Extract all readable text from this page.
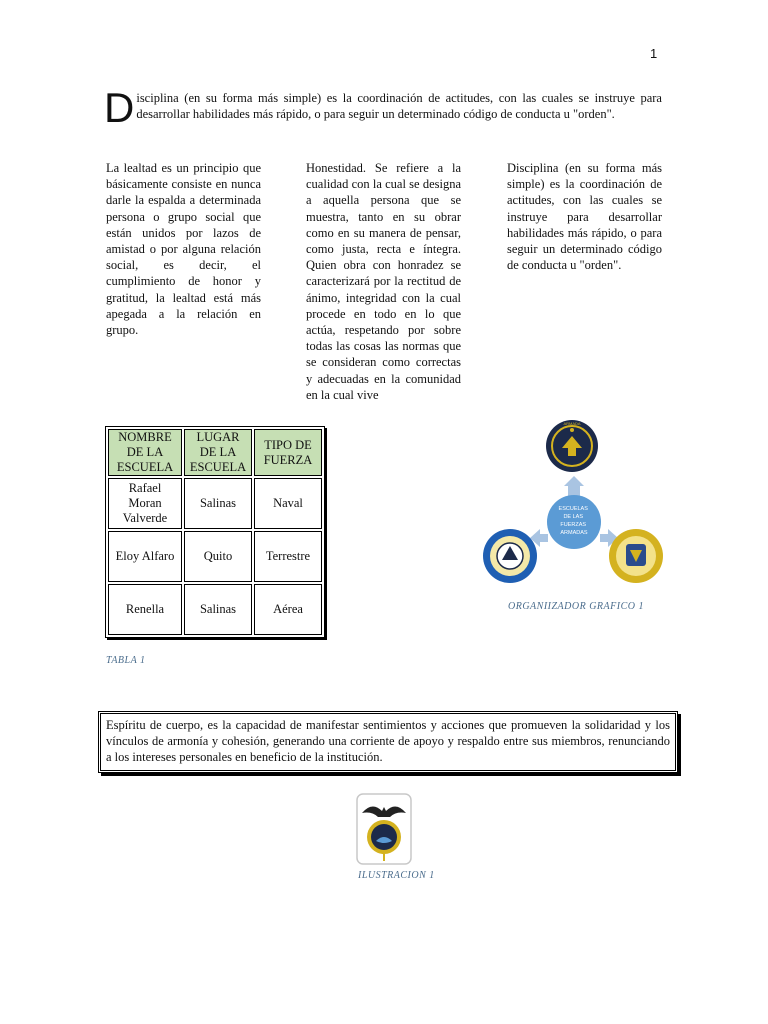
1
D isciplina (en su forma más simple) es la coordinación de actitudes, con las cuales se instruye para desarrollar habilidades más rápido, o para seguir un determinado código de conducta u "orden".

La lealtad es un principio que básicamente consiste en nunca darle la espalda a determinada persona o grupo social que están unidos por lazos de amistad o por alguna relación social, es decir, el cumplimiento de honor y gratitud, la lealtad está más apegada a la relación en grupo.

Honestidad. Se refiere a la cualidad con la cual se designa a aquella persona que se muestra, tanto en su obrar como en su manera de pensar, como justa, recta e íntegra. Quien obra con honradez se caracterizará por la rectitud de ánimo, integridad con la cual procede en todo en lo que actúa, respetando por sobre todas las cosas las normas que se consideran como correctas y adecuadas en la comunidad en la cual vive

Disciplina (en su forma más simple) es la coordinación de actitudes, con las cuales se instruye para desarrollar habilidades más rápido, o para seguir un determinado código de conducta u "orden".

NOMBRE DE LA ESCUELA	LUGAR DE LA ESCUELA	TIPO DE FUERZA
Rafael Moran Valverde	Salinas	Naval
Eloy Alfaro	Quito	Terrestre
Renella	Salinas	Aérea
TABLA 1
ESCUELAS DE LAS FUERZAS ARMADAS
ARMADA
ORGANIIZADOR GRAFICO 1
Espíritu de cuerpo, es la capacidad de manifestar sentimientos y acciones que promueven la solidaridad y los vínculos de armonía y cohesión, generando una corriente de apoyo y respaldo entre sus miembros, renunciando a los intereses personales en beneficio de la institución.
ILUSTRACION 1
